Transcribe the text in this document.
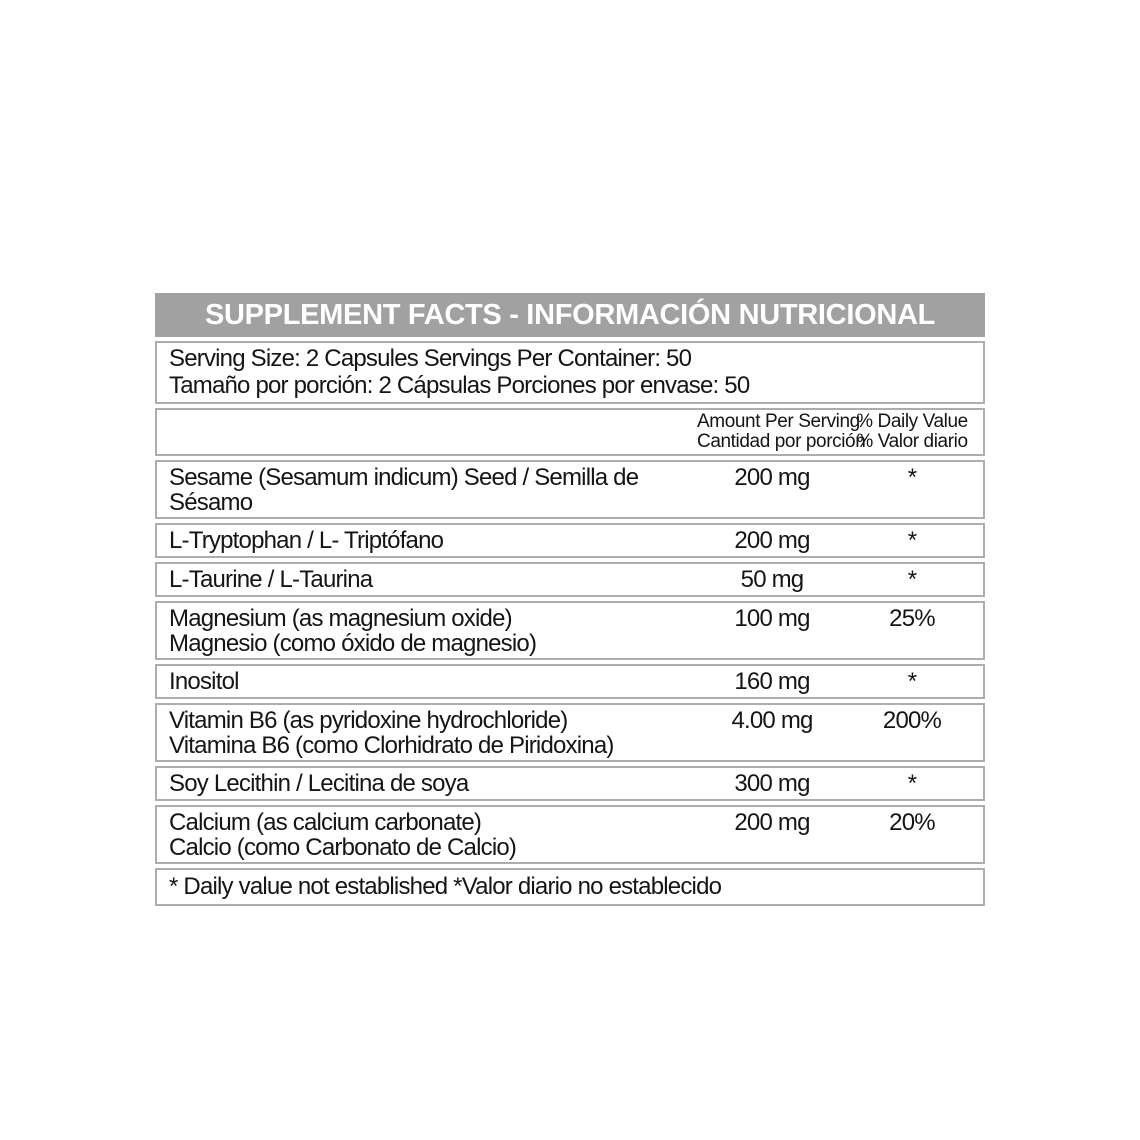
SUPPLEMENT FACTS - INFORMACIÓN NUTRICIONAL
Serving Size: 2 Capsules Servings Per Container: 50
Tamaño por porción: 2 Cápsulas Porciones por envase: 50
Amount Per Serving
Cantidad por porción
% Daily Value
% Valor diario
Sesame (Sesamum indicum) Seed / Semilla de Sésamo
200 mg	*
L-Tryptophan / L- Triptófano	200 mg	*
L-Taurine / L-Taurina	50 mg	*
Magnesium (as magnesium oxide)
Magnesio (como óxido de magnesio)
100 mg	25%
Inositol	160 mg	*
Vitamin B6 (as pyridoxine hydrochloride)
Vitamina B6 (como Clorhidrato de Piridoxina)
4.00 mg	200%
Soy Lecithin / Lecitina de soya	300 mg	*
Calcium (as calcium carbonate)
Calcio (como Carbonato de Calcio)
200 mg	20%
* Daily value not established *Valor diario no establecido
